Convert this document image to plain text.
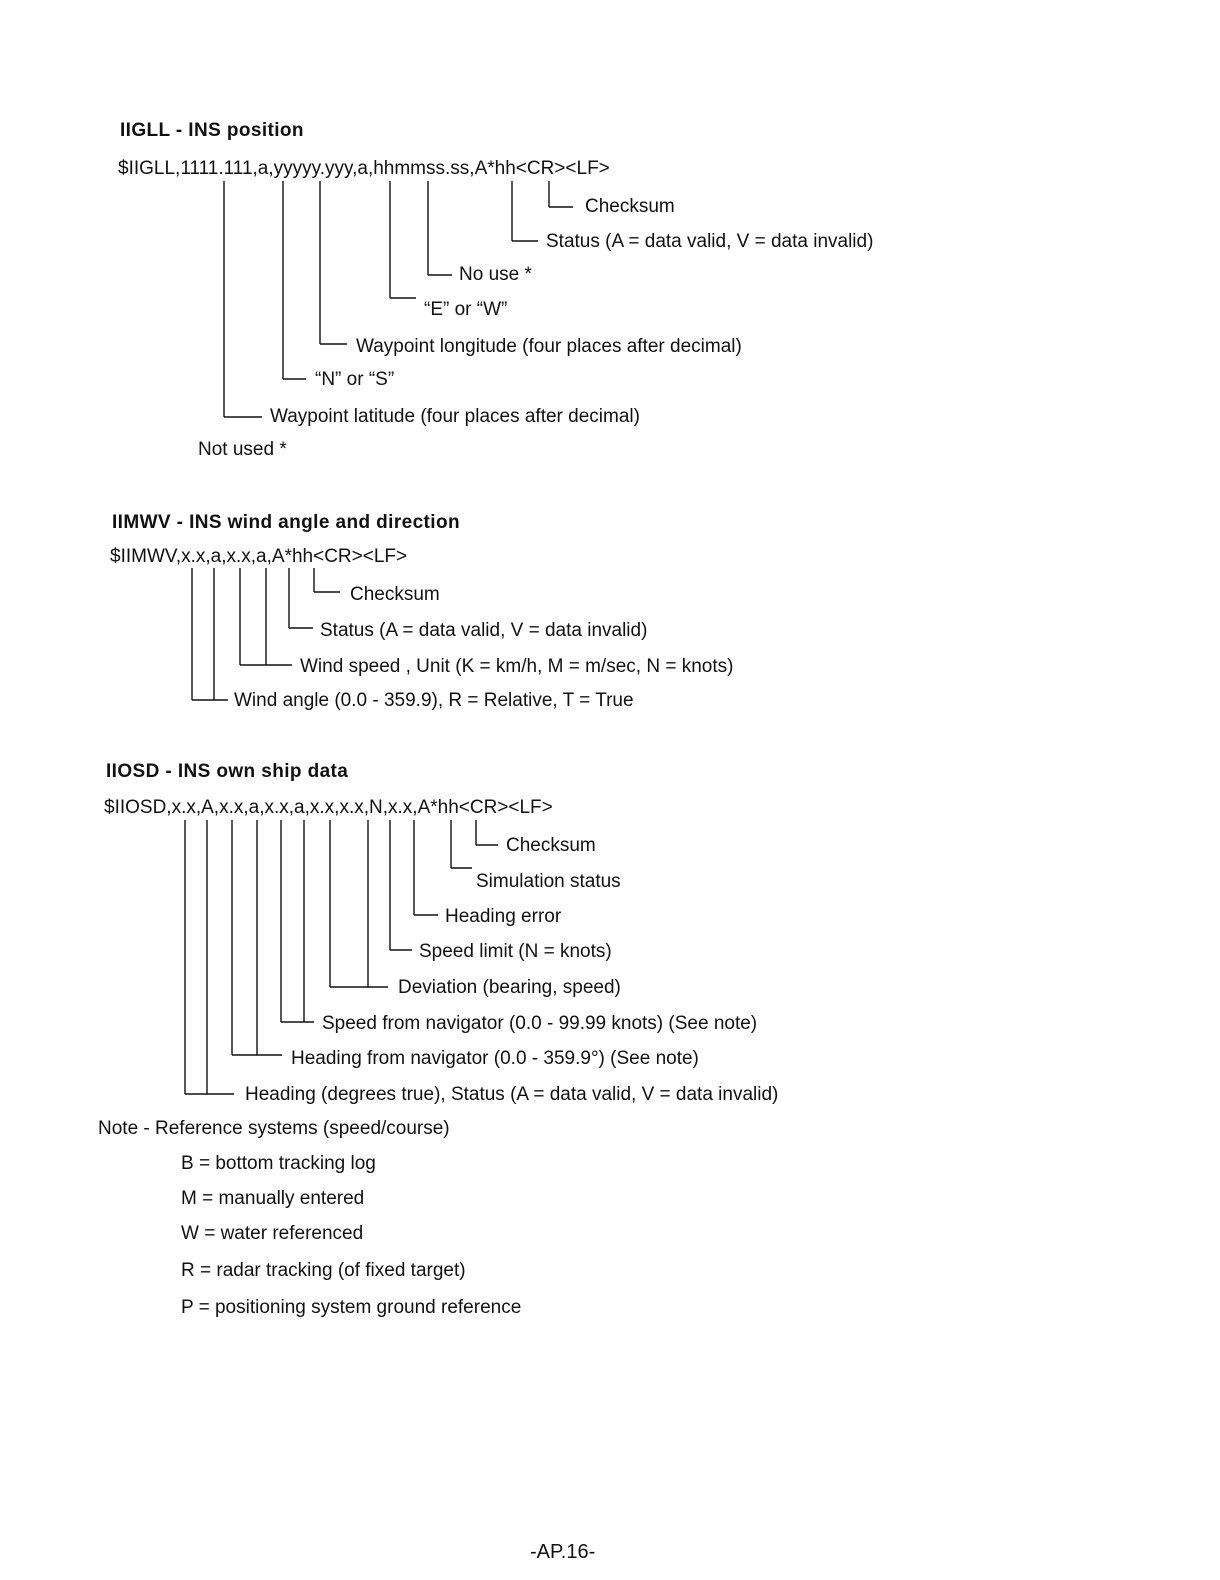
IIGLL - INS position
$IIGLL,1111.111,a,yyyyy.yyy,a,hhmmss.ss,A*hh<CR><LF>
Checksum
Status (A = data valid, V = data invalid)
No use *
“E” or “W”
Waypoint longitude (four places after decimal)
“N” or “S”
Waypoint latitude (four places after decimal)
Not used *
IIMWV - INS wind angle and direction
$IIMWV,x.x,a,x.x,a,A*hh<CR><LF>
Checksum
Status (A = data valid, V = data invalid)
Wind speed , Unit (K = km/h, M = m/sec, N = knots)
Wind angle (0.0 - 359.9), R = Relative, T = True
IIOSD - INS own ship data
$IIOSD,x.x,A,x.x,a,x.x,a,x.x,x.x,N,x.x,A*hh<CR><LF>
Checksum
Simulation status
Heading error
Speed limit (N = knots)
Deviation (bearing, speed)
Speed from navigator (0.0 - 99.99 knots) (See note)
Heading from navigator (0.0 - 359.9°) (See note)
Heading (degrees true), Status (A = data valid, V = data invalid)
Note - Reference systems (speed/course)
B = bottom tracking log
M = manually entered
W = water referenced
R = radar tracking (of fixed target)
P = positioning system ground reference
-AP.16-
